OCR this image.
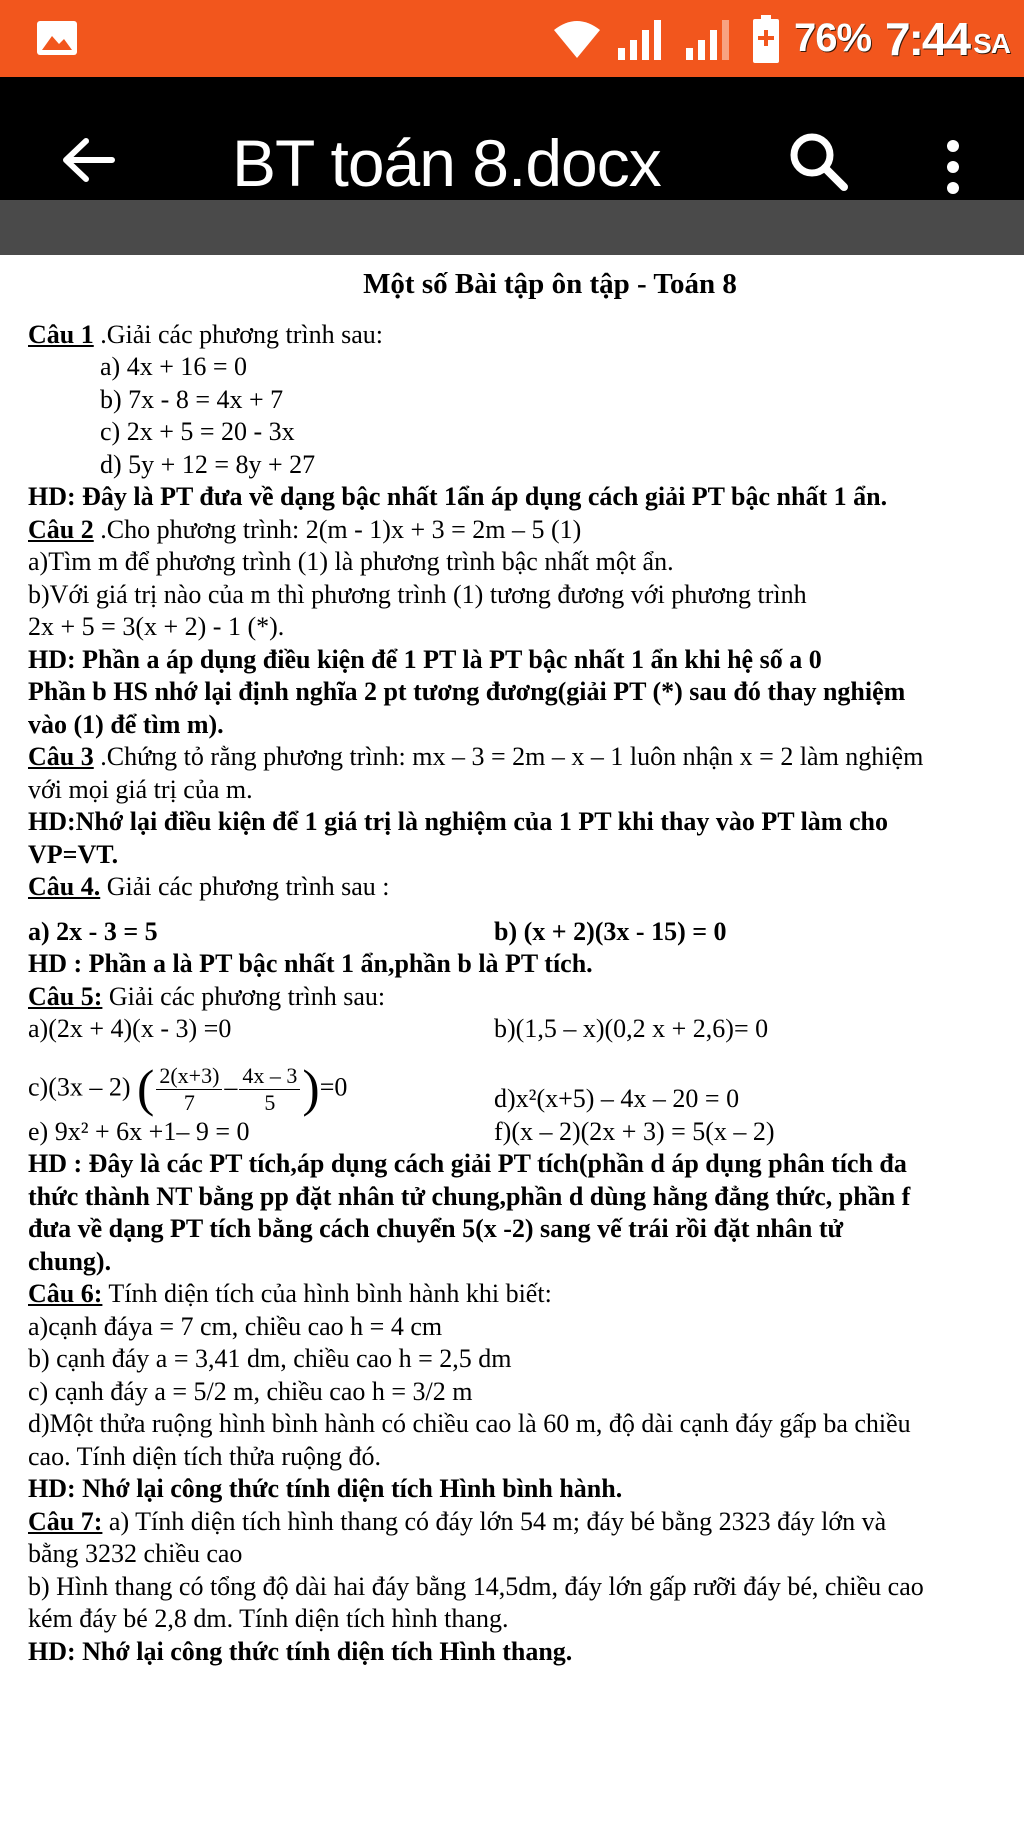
76% 7:44 SA
BT toán 8.docx

Một số Bài tập ôn tập - Toán 8

Câu 1 .Giải các phương trình sau:

a) 4x + 16 = 0

b) 7x - 8 = 4x + 7

c) 2x + 5 = 20 - 3x

d) 5y + 12 = 8y + 27

HD: Đây là PT đưa về dạng bậc nhất 1ẩn áp dụng cách giải PT bậc nhất 1 ẩn.

Câu 2 .Cho phương trình: 2(m - 1)x + 3 = 2m – 5 (1)

a)Tìm m để phương trình (1) là phương trình bậc nhất một ẩn.

b)Với giá trị nào của m thì phương trình (1) tương đương với phương trình

2x + 5 = 3(x + 2) - 1 (*).

HD: Phần a áp dụng điều kiện để 1 PT là PT bậc nhất 1 ẩn khi hệ số a 0

Phần b HS nhớ lại định nghĩa 2 pt tương đương(giải PT (*) sau đó thay nghiệm

vào (1) để tìm m).

Câu 3 .Chứng tỏ rằng phương trình: mx – 3 = 2m – x – 1 luôn nhận x = 2 làm nghiệm

với mọi giá trị của m.

HD:Nhớ lại điều kiện để 1 giá trị là nghiệm của 1 PT khi thay vào PT làm cho

VP=VT.

Câu 4. Giải các phương trình sau :

a) 2x - 3 = 5	b) (x + 2)(3x - 15) = 0

HD : Phần a là PT bậc nhất 1 ẩn,phần b là PT tích.

Câu 5: Giải các phương trình sau:

a)(2x + 4)(x - 3) =0	b)(1,5 – x)(0,2 x + 2,6)= 0

c)(3x – 2) ( $\frac{2(x+3)}{7} - \frac{4x - 3}{5} )=0$	d)x²(x+5) – 4x – 20 = 0

e) 9x² + 6x +1– 9 = 0	f)(x – 2)(2x + 3) = 5(x – 2)

HD : Đây là các PT tích,áp dụng cách giải PT tích(phần d áp dụng phân tích đa

thức thành NT bằng pp đặt nhân tử chung,phần d dùng hằng đẳng thức, phần f

đưa về dạng PT tích bằng cách chuyển 5(x -2) sang vế trái rồi đặt nhân tử

chung).

Câu 6: Tính diện tích của hình bình hành khi biết:

a)cạnh đáya = 7 cm, chiều cao h = 4 cm

b) cạnh đáy a = 3,41 dm, chiều cao h = 2,5 dm

c) cạnh đáy a = 5/2 m, chiều cao h = 3/2 m

d)Một thửa ruộng hình bình hành có chiều cao là 60 m, độ dài cạnh đáy gấp ba chiều

cao. Tính diện tích thửa ruộng đó.

HD: Nhớ lại công thức tính diện tích Hình bình hành.

Câu 7: a) Tính diện tích hình thang có đáy lớn 54 m; đáy bé bằng 2323 đáy lớn và

bằng 3232 chiều cao

b) Hình thang có tổng độ dài hai đáy bằng 14,5dm, đáy lớn gấp rưỡi đáy bé, chiều cao

kém đáy bé 2,8 dm. Tính diện tích hình thang.

HD: Nhớ lại công thức tính diện tích Hình thang.
